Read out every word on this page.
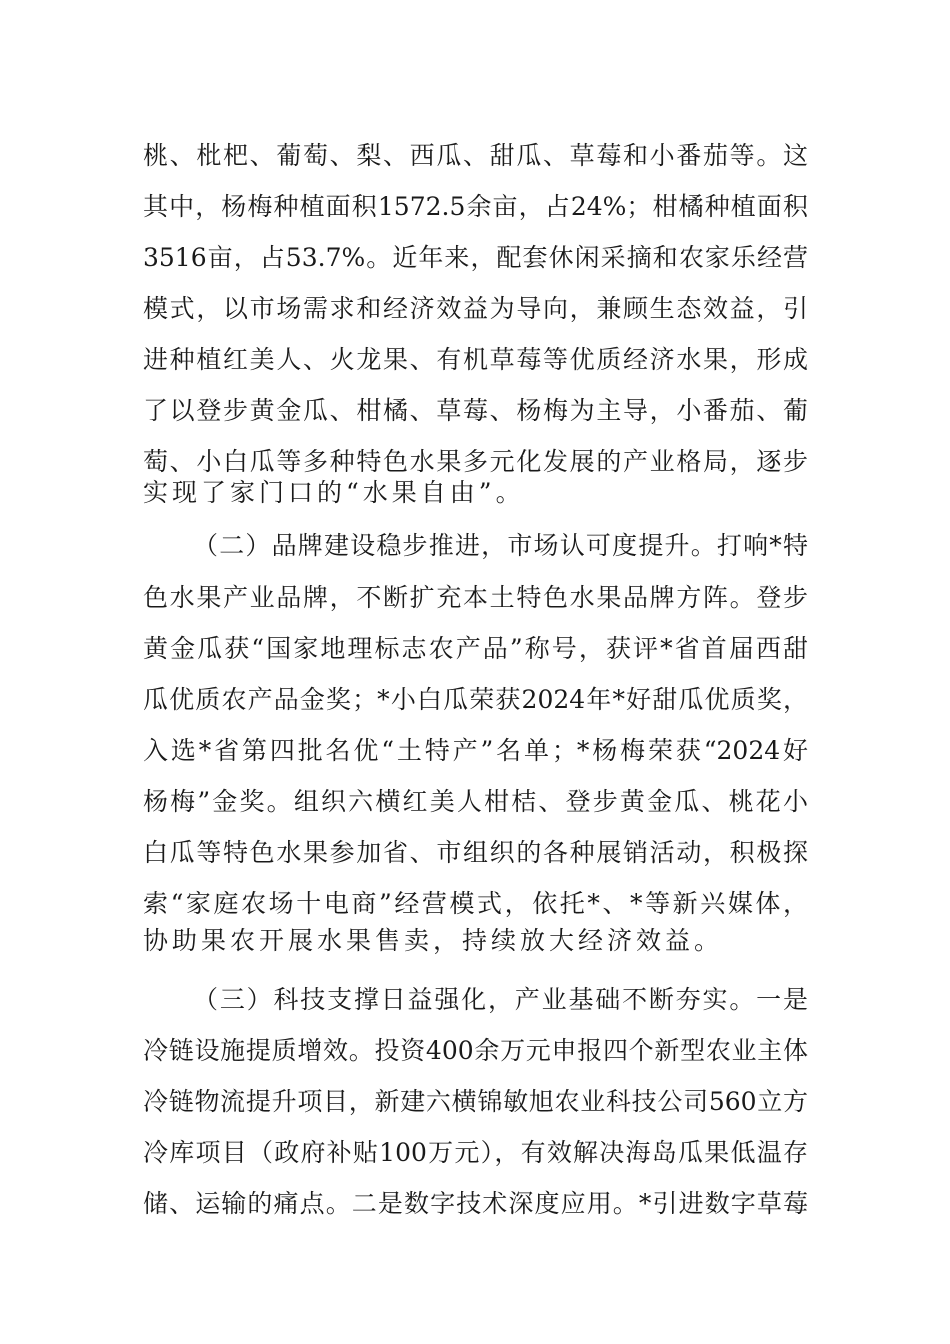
桃、枇杷、葡萄、梨、西瓜、甜瓜、草莓和小番茄等。这
其中，杨梅种植面积1572.5余亩，占24%；柑橘种植面积
3516亩，占53.7%。近年来，配套休闲采摘和农家乐经营
模式，以市场需求和经济效益为导向，兼顾生态效益，引
进种植红美人、火龙果、有机草莓等优质经济水果，形成
了以登步黄金瓜、柑橘、草莓、杨梅为主导，小番茄、葡
萄、小白瓜等多种特色水果多元化发展的产业格局，逐步
实现了家门口的“水果自由”。
（二）品牌建设稳步推进，市场认可度提升。打响*特
色水果产业品牌，不断扩充本土特色水果品牌方阵。登步
黄金瓜获“国家地理标志农产品”称号，获评*省首届西甜
瓜优质农产品金奖；*小白瓜荣获2024年*好甜瓜优质奖，
入选*省第四批名优“土特产”名单；*杨梅荣获“2024好
杨梅”金奖。组织六横红美人柑桔、登步黄金瓜、桃花小
白瓜等特色水果参加省、市组织的各种展销活动，积极探
索“家庭农场十电商”经营模式，依托*、*等新兴媒体，
协助果农开展水果售卖，持续放大经济效益。
（三）科技支撑日益强化，产业基础不断夯实。一是
冷链设施提质增效。投资400余万元申报四个新型农业主体
冷链物流提升项目，新建六横锦敏旭农业科技公司560立方
冷库项目（政府补贴100万元），有效解决海岛瓜果低温存
储、运输的痛点。二是数字技术深度应用。*引进数字草莓
